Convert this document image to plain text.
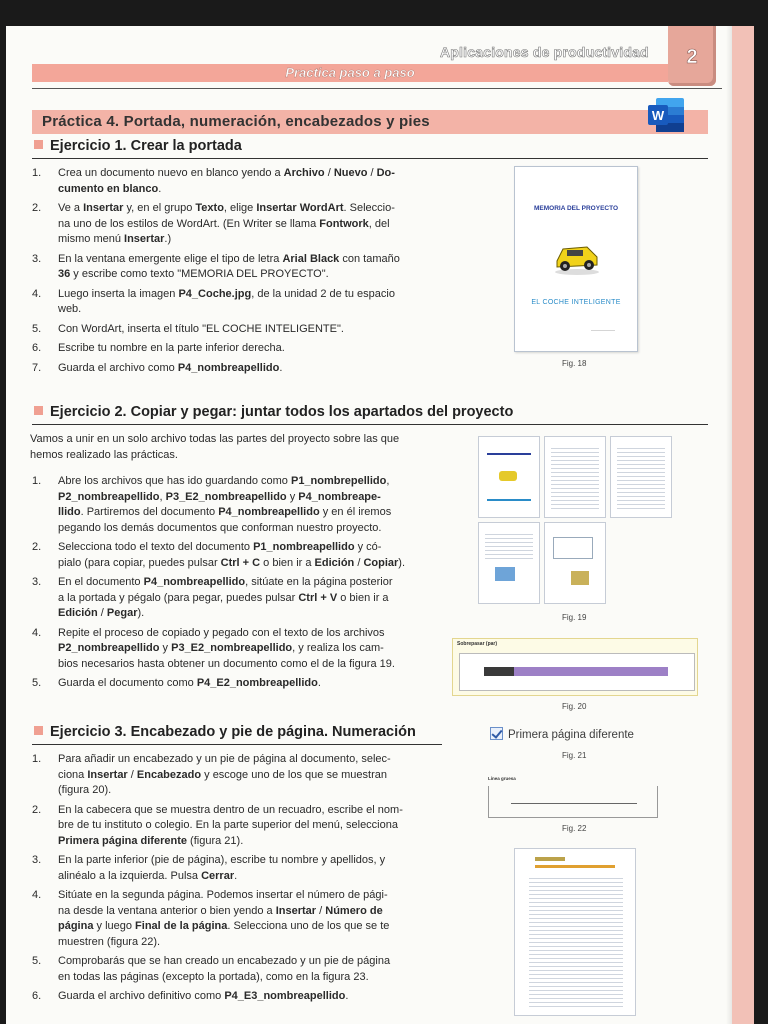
Aplicaciones de productividad	2
Practica paso a paso
Práctica 4. Portada, numeración, encabezados y pies	W
Ejercicio 1. Crear la portada
1.	Crea un documento nuevo en blanco yendo a Archivo / Nuevo / Do-
cumento en blanco.
2.	Ve a Insertar y, en el grupo Texto, elige Insertar WordArt. Seleccio-
na uno de los estilos de WordArt. (En Writer se llama Fontwork, del
mismo menú Insertar.)
3.	En la ventana emergente elige el tipo de letra Arial Black con tamaño
36 y escribe como texto "MEMORIA DEL PROYECTO".
4.	Luego inserta la imagen P4_Coche.jpg, de la unidad 2 de tu espacio
web.
5.	Con WordArt, inserta el título "EL COCHE INTELIGENTE".
6.	Escribe tu nombre en la parte inferior derecha.
7.	Guarda el archivo como P4_nombreapellido.
MEMORIA DEL PROYECTO
EL COCHE INTELIGENTE
——————
Fig. 18
Ejercicio 2. Copiar y pegar: juntar todos los apartados del proyecto
Vamos a unir en un solo archivo todas las partes del proyecto sobre las que
hemos realizado las prácticas.
1.	Abre los archivos que has ido guardando como P1_nombrepellido,
P2_nombreapellido, P3_E2_nombreapellido y P4_nombreape-
llido. Partiremos del documento P4_nombreapellido y en él iremos
pegando los demás documentos que conforman nuestro proyecto.
2.	Selecciona todo el texto del documento P1_nombreapellido y có-
pialo (para copiar, puedes pulsar Ctrl + C o bien ir a Edición / Copiar).
3.	En el documento P4_nombreapellido, sitúate en la página posterior
a la portada y pégalo (para pegar, puedes pulsar Ctrl + V o bien ir a
Edición / Pegar).
4.	Repite el proceso de copiado y pegado con el texto de los archivos
P2_nombreapellido y P3_E2_nombreapellido, y realiza los cam-
bios necesarios hasta obtener un documento como el de la figura 19.
5.	Guarda el documento como P4_E2_nombreapellido.
Fig. 19
Sobrepasar (par)
Fig. 20
Ejercicio 3. Encabezado y pie de página. Numeración
1.	Para añadir un encabezado y un pie de página al documento, selec-
ciona Insertar / Encabezado y escoge uno de los que se muestran
(figura 20).
2.	En la cabecera que se muestra dentro de un recuadro, escribe el nom-
bre de tu instituto o colegio. En la parte superior del menú, selecciona
Primera página diferente (figura 21).
3.	En la parte inferior (pie de página), escribe tu nombre y apellidos, y
alinéalo a la izquierda. Pulsa Cerrar.
4.	Sitúate en la segunda página. Podemos insertar el número de pági-
na desde la ventana anterior o bien yendo a Insertar / Número de
página y luego Final de la página. Selecciona uno de los que se te
muestren (figura 22).
5.	Comprobarás que se han creado un encabezado y un pie de página
en todas las páginas (excepto la portada), como en la figura 23.
6.	Guarda el archivo definitivo como P4_E3_nombreapellido.
Primera página diferente
Fig. 21
Línea gruesa
Fig. 22
